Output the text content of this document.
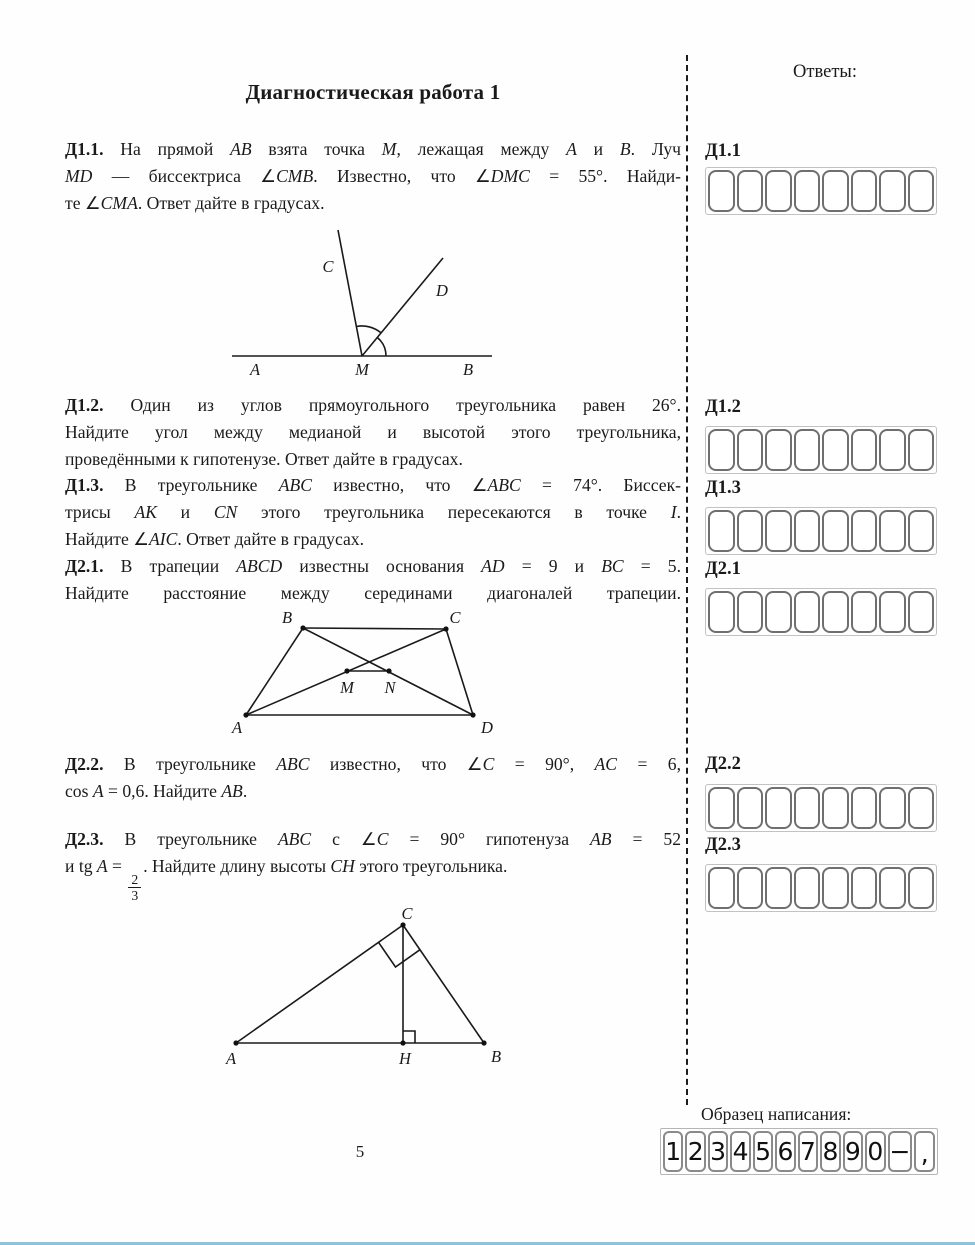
Диагностическая работа 1
Д1.1. На прямой AB взята точка M, лежащая между A и B. Луч
MD — биссектриса ∠CMB. Известно, что ∠DMC = 55°. Найди-
те ∠CMA. Ответ дайте в градусах.
A	M	B
C
D
Д1.2. Один из углов прямоугольного треугольника равен 26°.
Найдите угол между медианой и высотой этого треугольника,
проведёнными к гипотенузе. Ответ дайте в градусах.
Д1.3. В треугольнике ABC известно, что ∠ABC = 74°. Биссек-
трисы AK и CN этого треугольника пересекаются в точке I.
Найдите ∠AIC. Ответ дайте в градусах.
Д2.1. В трапеции ABCD известны основания AD = 9 и BC = 5.
Найдите расстояние между серединами диагоналей трапеции.
A
B	C
D
M N
Д2.2. В треугольнике ABC известно, что ∠C = 90°, AC = 6,
cos A = 0,6. Найдите AB.
Д2.3. В треугольнике ABC с ∠C = 90° гипотенуза AB = 52
и tg A =
$\frac{2}{3}$
. Найдите длину высоты CH этого треугольника.
C
A	H	B
5
Ответы:
Д1.1
Д1.2
Д1.3
Д2.1
Д2.2
Д2.3
Образец написания:
1 2 3 4 5 6 7 8 9 0 − ,
